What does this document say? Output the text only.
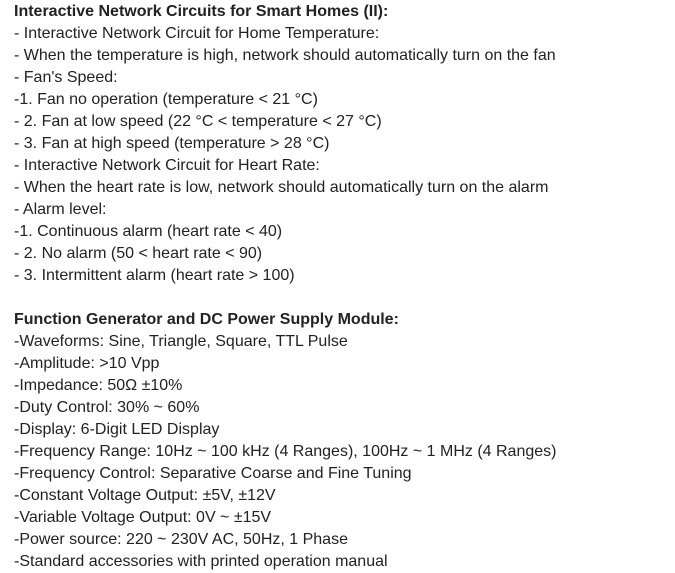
Interactive Network Circuits for Smart Homes (II):
- Interactive Network Circuit for Home Temperature:
- When the temperature is high, network should automatically turn on the fan
- Fan's Speed:
-1. Fan no operation (temperature < 21 °C)
- 2. Fan at low speed (22 °C < temperature < 27 °C)
- 3. Fan at high speed (temperature > 28 °C)
- Interactive Network Circuit for Heart Rate:
- When the heart rate is low, network should automatically turn on the alarm
- Alarm level:
-1. Continuous alarm (heart rate < 40)
- 2. No alarm (50 < heart rate < 90)
- 3. Intermittent alarm (heart rate > 100)
Function Generator and DC Power Supply Module:
-Waveforms: Sine, Triangle, Square, TTL Pulse
-Amplitude: >10 Vpp
-Impedance: 50Ω ±10%
-Duty Control: 30% ~ 60%
-Display: 6-Digit LED Display
-Frequency Range: 10Hz ~ 100 kHz (4 Ranges), 100Hz ~ 1 MHz (4 Ranges)
-Frequency Control: Separative Coarse and Fine Tuning
-Constant Voltage Output: ±5V, ±12V
-Variable Voltage Output: 0V ~ ±15V
-Power source: 220 ~ 230V AC, 50Hz, 1 Phase
-Standard accessories with printed operation manual
